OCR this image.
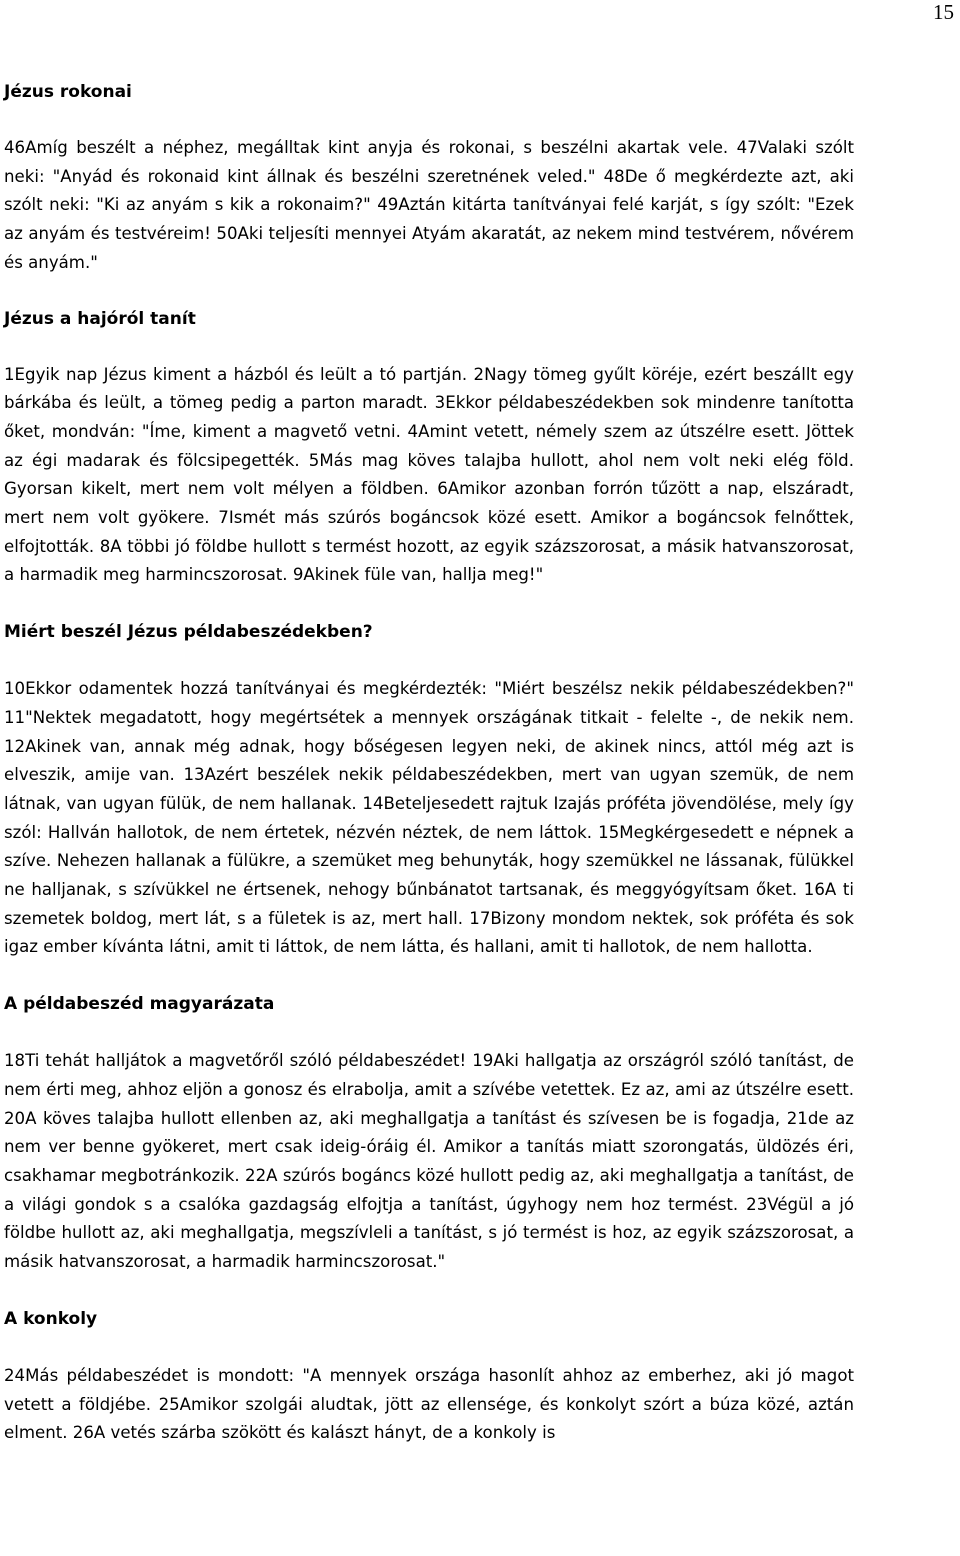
15
Jézus rokonai

46Amíg beszélt a néphez, megálltak kint anyja és rokonai, s beszélni akartak vele. 47Valaki szólt neki: "Anyád és rokonaid kint állnak és beszélni szeretnének veled." 48De ő megkérdezte azt, aki szólt neki: "Ki az anyám s kik a rokonaim?" 49Aztán kitárta tanítványai felé karját, s így szólt: "Ezek az anyám és testvéreim! 50Aki teljesíti mennyei Atyám akaratát, az nekem mind testvérem, nővérem és anyám."

Jézus a hajóról tanít

1Egyik nap Jézus kiment a házból és leült a tó partján. 2Nagy tömeg gyűlt köréje, ezért beszállt egy bárkába és leült, a tömeg pedig a parton maradt. 3Ekkor példabeszédekben sok mindenre tanította őket, mondván: "Íme, kiment a magvető vetni. 4Amint vetett, némely szem az útszélre esett. Jöttek az égi madarak és fölcsipegették. 5Más mag köves talajba hullott, ahol nem volt neki elég föld. Gyorsan kikelt, mert nem volt mélyen a földben. 6Amikor azonban forrón tűzött a nap, elszáradt, mert nem volt gyökere. 7Ismét más szúrós bogáncsok közé esett. Amikor a bogáncsok felnőttek, elfojtották. 8A többi jó földbe hullott s termést hozott, az egyik százszorosat, a másik hatvanszorosat, a harmadik meg harmincszorosat. 9Akinek füle van, hallja meg!"

Miért beszél Jézus példabeszédekben?

10Ekkor odamentek hozzá tanítványai és megkérdezték: "Miért beszélsz nekik példabeszédekben?" 11"Nektek megadatott, hogy megértsétek a mennyek országának titkait - felelte -, de nekik nem. 12Akinek van, annak még adnak, hogy bőségesen legyen neki, de akinek nincs, attól még azt is elveszik, amije van. 13Azért beszélek nekik példabeszédekben, mert van ugyan szemük, de nem látnak, van ugyan fülük, de nem hallanak. 14Beteljesedett rajtuk Izajás próféta jövendölése, mely így szól: Hallván hallotok, de nem értetek, nézvén néztek, de nem láttok. 15Megkérgesedett e népnek a szíve. Nehezen hallanak a fülükre, a szemüket meg behunyták, hogy szemükkel ne lássanak, fülükkel ne halljanak, s szívükkel ne értsenek, nehogy bűnbánatot tartsanak, és meggyógyítsam őket. 16A ti szemetek boldog, mert lát, s a fületek is az, mert hall. 17Bizony mondom nektek, sok próféta és sok igaz ember kívánta látni, amit ti láttok, de nem látta, és hallani, amit ti hallotok, de nem hallotta.

A példabeszéd magyarázata

18Ti tehát halljátok a magvetőről szóló példabeszédet! 19Aki hallgatja az országról szóló tanítást, de nem érti meg, ahhoz eljön a gonosz és elrabolja, amit a szívébe vetettek. Ez az, ami az útszélre esett. 20A köves talajba hullott ellenben az, aki meghallgatja a tanítást és szívesen be is fogadja, 21de az nem ver benne gyökeret, mert csak ideig-óráig él. Amikor a tanítás miatt szorongatás, üldözés éri, csakhamar megbotránkozik. 22A szúrós bogáncs közé hullott pedig az, aki meghallgatja a tanítást, de a világi gondok s a csalóka gazdagság elfojtja a tanítást, úgyhogy nem hoz termést. 23Végül a jó földbe hullott az, aki meghallgatja, megszívleli a tanítást, s jó termést is hoz, az egyik százszorosat, a másik hatvanszorosat, a harmadik harmincszorosat."

A konkoly

24Más példabeszédet is mondott: "A mennyek országa hasonlít ahhoz az emberhez, aki jó magot vetett a földjébe. 25Amikor szolgái aludtak, jött az ellensége, és konkolyt szórt a búza közé, aztán elment. 26A vetés szárba szökött és kalászt hányt, de a konkoly is
